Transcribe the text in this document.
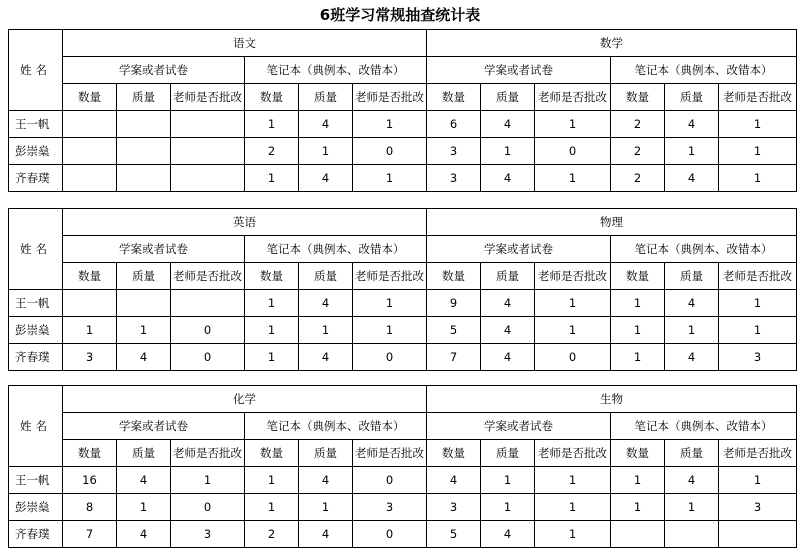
6班学习常规抽查统计表
姓名	语文						数学					
	学案或者试卷			笔记本（典例本、改错本）			学案或者试卷			笔记本（典例本、改错本）		
	数量	质量	老师是否批改	数量	质量	老师是否批改	数量	质量	老师是否批改	数量	质量	老师是否批改
王一帆				1	4	1	6	4	1	2	4	1
彭崇燊				2	1	0	3	1	0	2	1	1
齐春璞				1	4	1	3	4	1	2	4	1
姓名	英语						物理					
	学案或者试卷			笔记本（典例本、改错本）			学案或者试卷			笔记本（典例本、改错本）		
	数量	质量	老师是否批改	数量	质量	老师是否批改	数量	质量	老师是否批改	数量	质量	老师是否批改
王一帆				1	4	1	9	4	1	1	4	1
彭崇燊	1	1	0	1	1	1	5	4	1	1	1	1
齐春璞	3	4	0	1	4	0	7	4	0	1	4	3
姓名	化学						生物					
	学案或者试卷			笔记本（典例本、改错本）			学案或者试卷			笔记本（典例本、改错本）		
	数量	质量	老师是否批改	数量	质量	老师是否批改	数量	质量	老师是否批改	数量	质量	老师是否批改
王一帆	16	4	1	1	4	0	4	1	1	1	4	1
彭崇燊	8	1	0	1	1	3	3	1	1	1	1	3
齐春璞	7	4	3	2	4	0	5	4	1			
